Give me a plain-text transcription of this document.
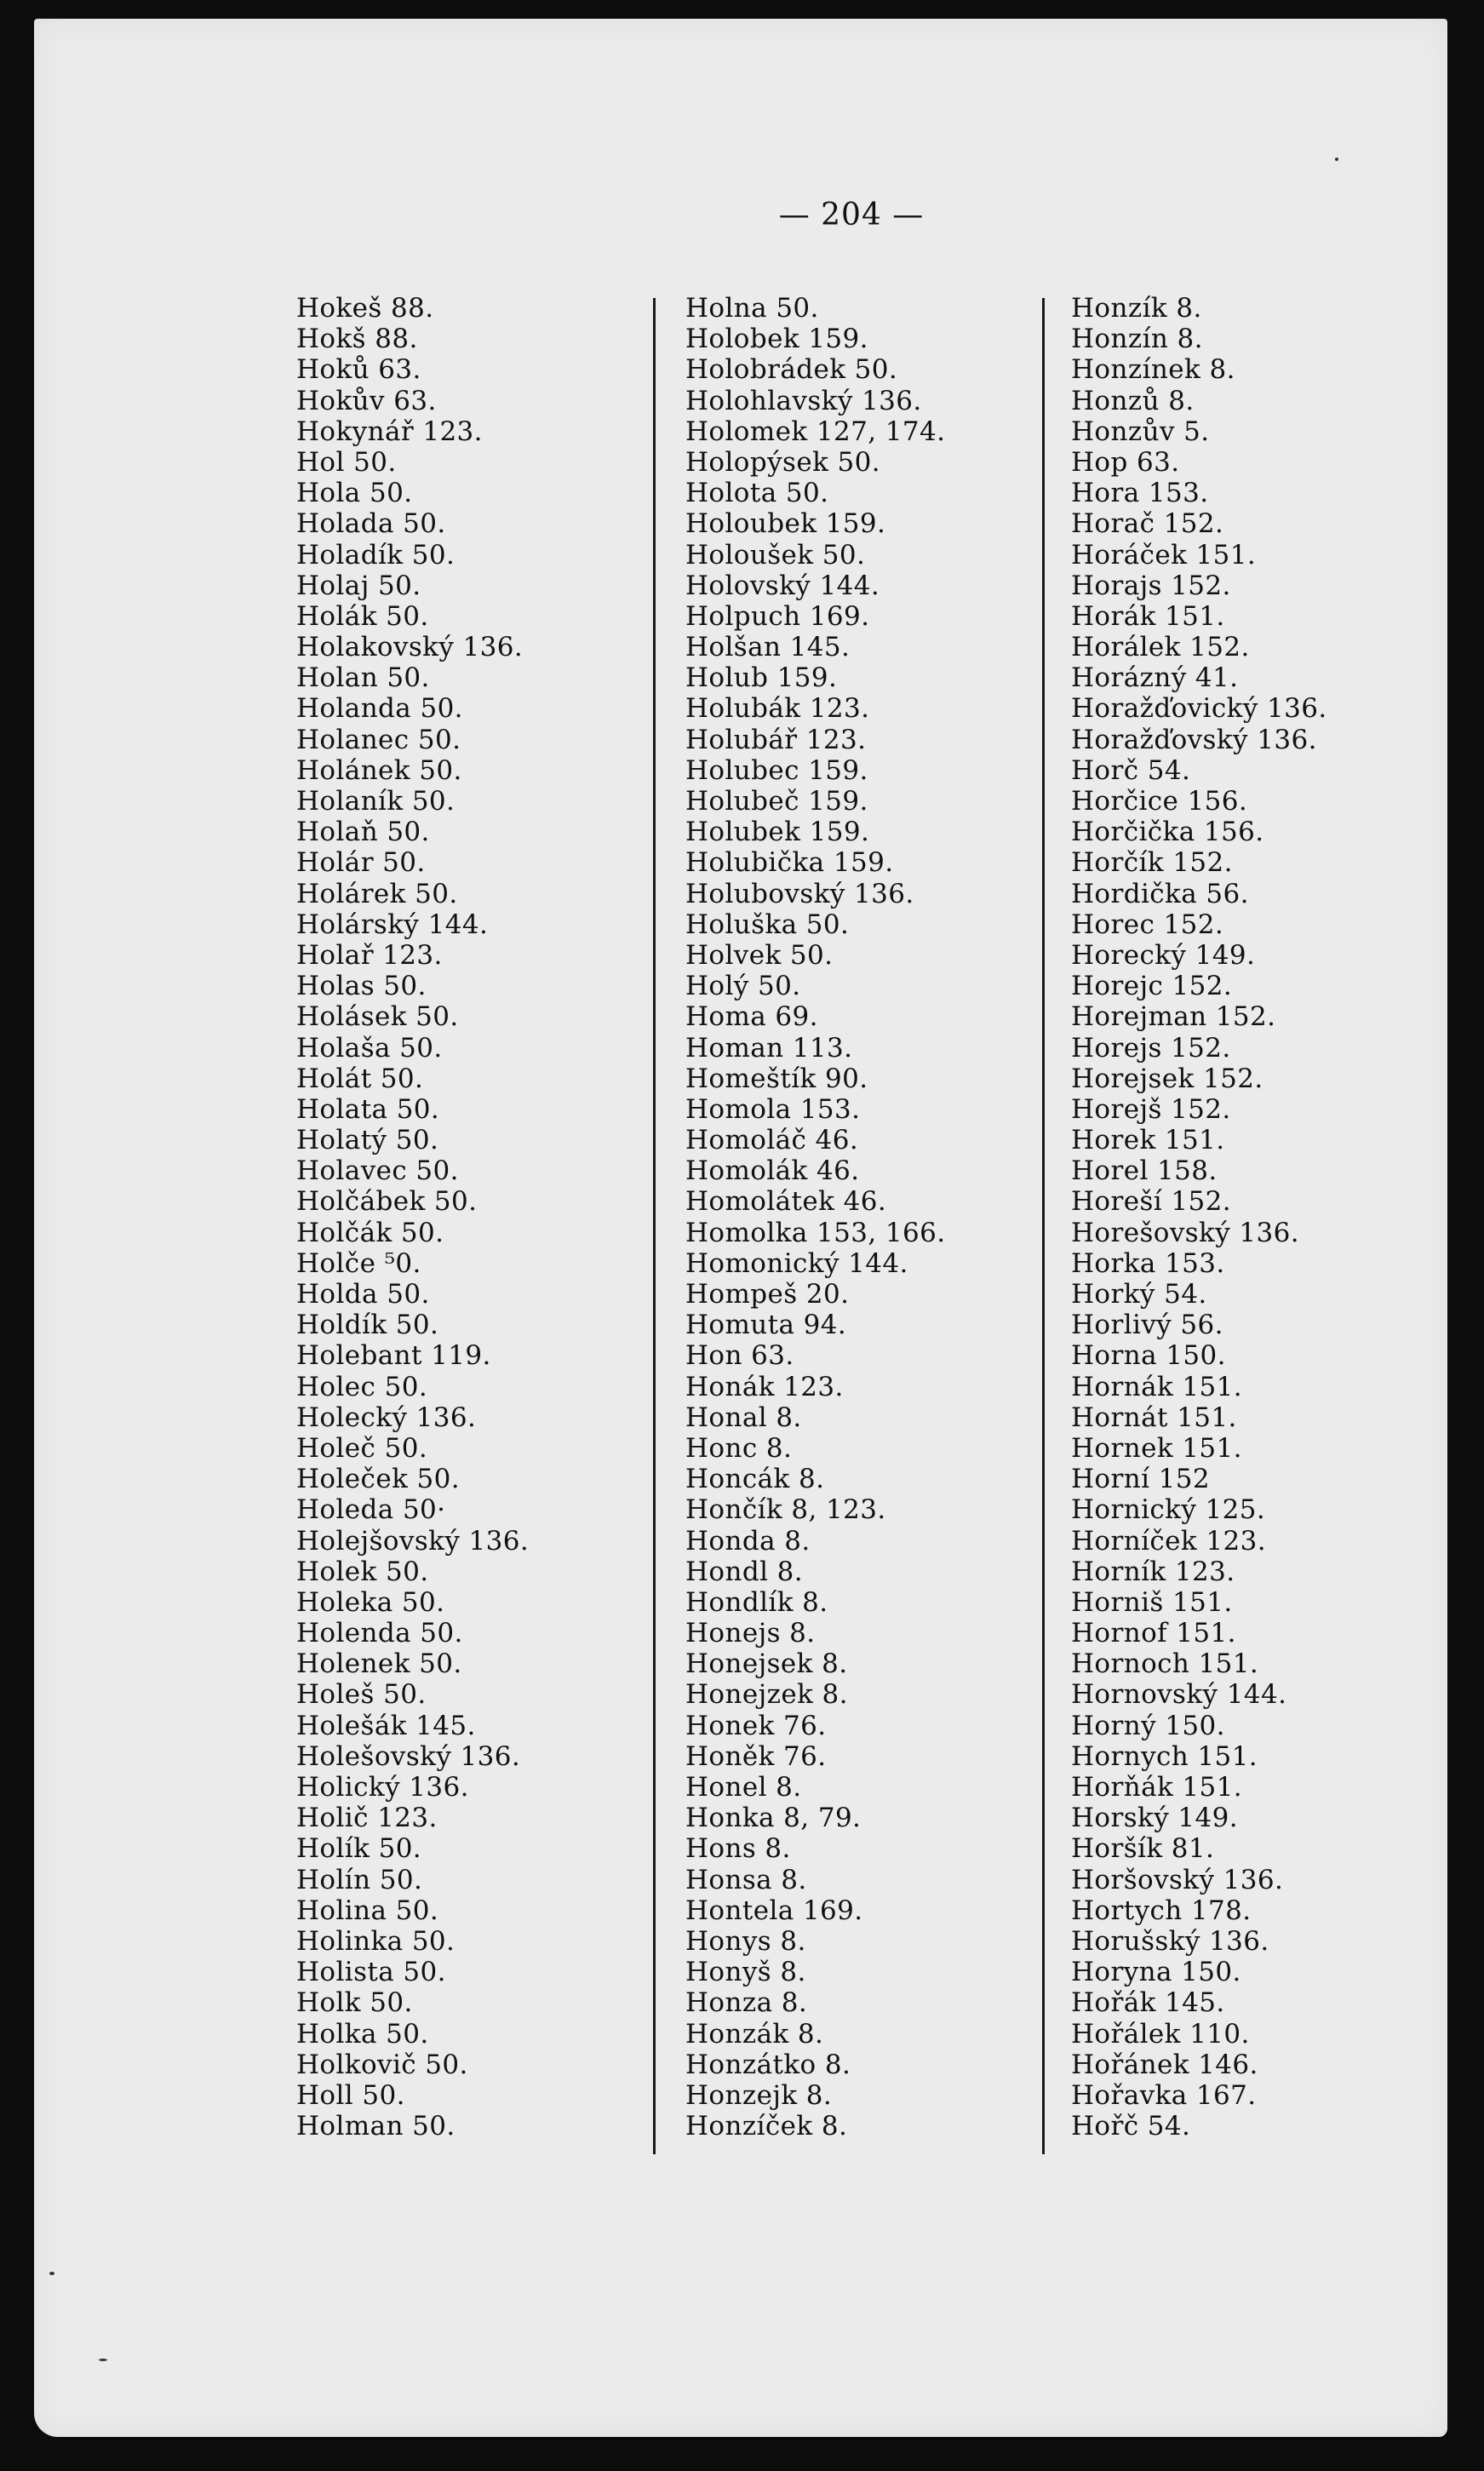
— 204 —
Hokeš 88.
Hokš 88.
Hoků 63.
Hokův 63.
Hokynář 123.
Hol 50.
Hola 50.
Holada 50.
Holadík 50.
Holaj 50.
Holák 50.
Holakovský 136.
Holan 50.
Holanda 50.
Holanec 50.
Holánek 50.
Holaník 50.
Holaň 50.
Holár 50.
Holárek 50.
Holárský 144.
Holař 123.
Holas 50.
Holásek 50.
Holaša 50.
Holát 50.
Holata 50.
Holatý 50.
Holavec 50.
Holčábek 50.
Holčák 50.
Holče ⁵0.
Holda 50.
Holdík 50.
Holebant 119.
Holec 50.
Holecký 136.
Holeč 50.
Holeček 50.
Holeda 50·
Holejšovský 136.
Holek 50.
Holeka 50.
Holenda 50.
Holenek 50.
Holeš 50.
Holešák 145.
Holešovský 136.
Holický 136.
Holič 123.
Holík 50.
Holín 50.
Holina 50.
Holinka 50.
Holista 50.
Holk 50.
Holka 50.
Holkovič 50.
Holl 50.
Holman 50.
Holna 50.
Holobek 159.
Holobrádek 50.
Holohlavský 136.
Holomek 127, 174.
Holopýsek 50.
Holota 50.
Holoubek 159.
Holoušek 50.
Holovský 144.
Holpuch 169.
Holšan 145.
Holub 159.
Holubák 123.
Holubář 123.
Holubec 159.
Holubeč 159.
Holubek 159.
Holubička 159.
Holubovský 136.
Holuška 50.
Holvek 50.
Holý 50.
Homa 69.
Homan 113.
Homeštík 90.
Homola 153.
Homoláč 46.
Homolák 46.
Homolátek 46.
Homolka 153, 166.
Homonický 144.
Hompeš 20.
Homuta 94.
Hon 63.
Honák 123.
Honal 8.
Honc 8.
Honcák 8.
Hončík 8, 123.
Honda 8.
Hondl 8.
Hondlík 8.
Honejs 8.
Honejsek 8.
Honejzek 8.
Honek 76.
Honěk 76.
Honel 8.
Honka 8, 79.
Hons 8.
Honsa 8.
Hontela 169.
Honys 8.
Honyš 8.
Honza 8.
Honzák 8.
Honzátko 8.
Honzejk 8.
Honzíček 8.
Honzík 8.
Honzín 8.
Honzínek 8.
Honzů 8.
Honzův 5.
Hop 63.
Hora 153.
Horač 152.
Horáček 151.
Horajs 152.
Horák 151.
Horálek 152.
Horázný 41.
Horažďovický 136.
Horažďovský 136.
Horč 54.
Horčice 156.
Horčička 156.
Horčík 152.
Hordička 56.
Horec 152.
Horecký 149.
Horejc 152.
Horejman 152.
Horejs 152.
Horejsek 152.
Horejš 152.
Horek 151.
Horel 158.
Horeší 152.
Horešovský 136.
Horka 153.
Horký 54.
Horlivý 56.
Horna 150.
Hornák 151.
Hornát 151.
Hornek 151.
Horní 152
Hornický 125.
Horníček 123.
Horník 123.
Horniš 151.
Hornof 151.
Hornoch 151.
Hornovský 144.
Horný 150.
Hornych 151.
Horňák 151.
Horský 149.
Horšík 81.
Horšovský 136.
Hortych 178.
Horušský 136.
Horyna 150.
Hořák 145.
Hořálek 110.
Hořánek 146.
Hořavka 167.
Hořč 54.
